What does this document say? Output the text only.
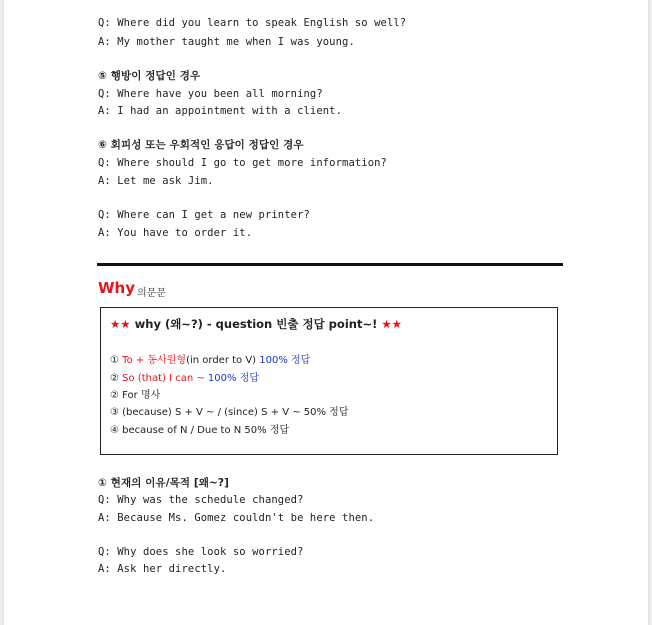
Q: Where did you learn to speak English so well?
A: My mother taught me when I was young.
⑤ 행방이 정답인 경우
Q: Where have you been all morning?
A: I had an appointment with a client.
⑥ 회피성 또는 우회적인 응답이 정답인 경우
Q: Where should I go to get more information?
A: Let me ask Jim.
Q: Where can I get a new printer?
A: You have to order it.
Why 의문문
★★ why (왜~?) - question 빈출 정답 point~! ★★
① To + 동사원형(in order to V) 100% 정답
② So (that) I can ~ 100% 정답
② For 명사
③ (because) S + V ~ / (since) S + V ~ 50% 정답
④ because of N / Due to N 50% 정답
① 현재의 이유/목적 [왜~?]
Q: Why was the schedule changed?
A: Because Ms. Gomez couldn't be here then.
Q: Why does she look so worried?
A: Ask her directly.
